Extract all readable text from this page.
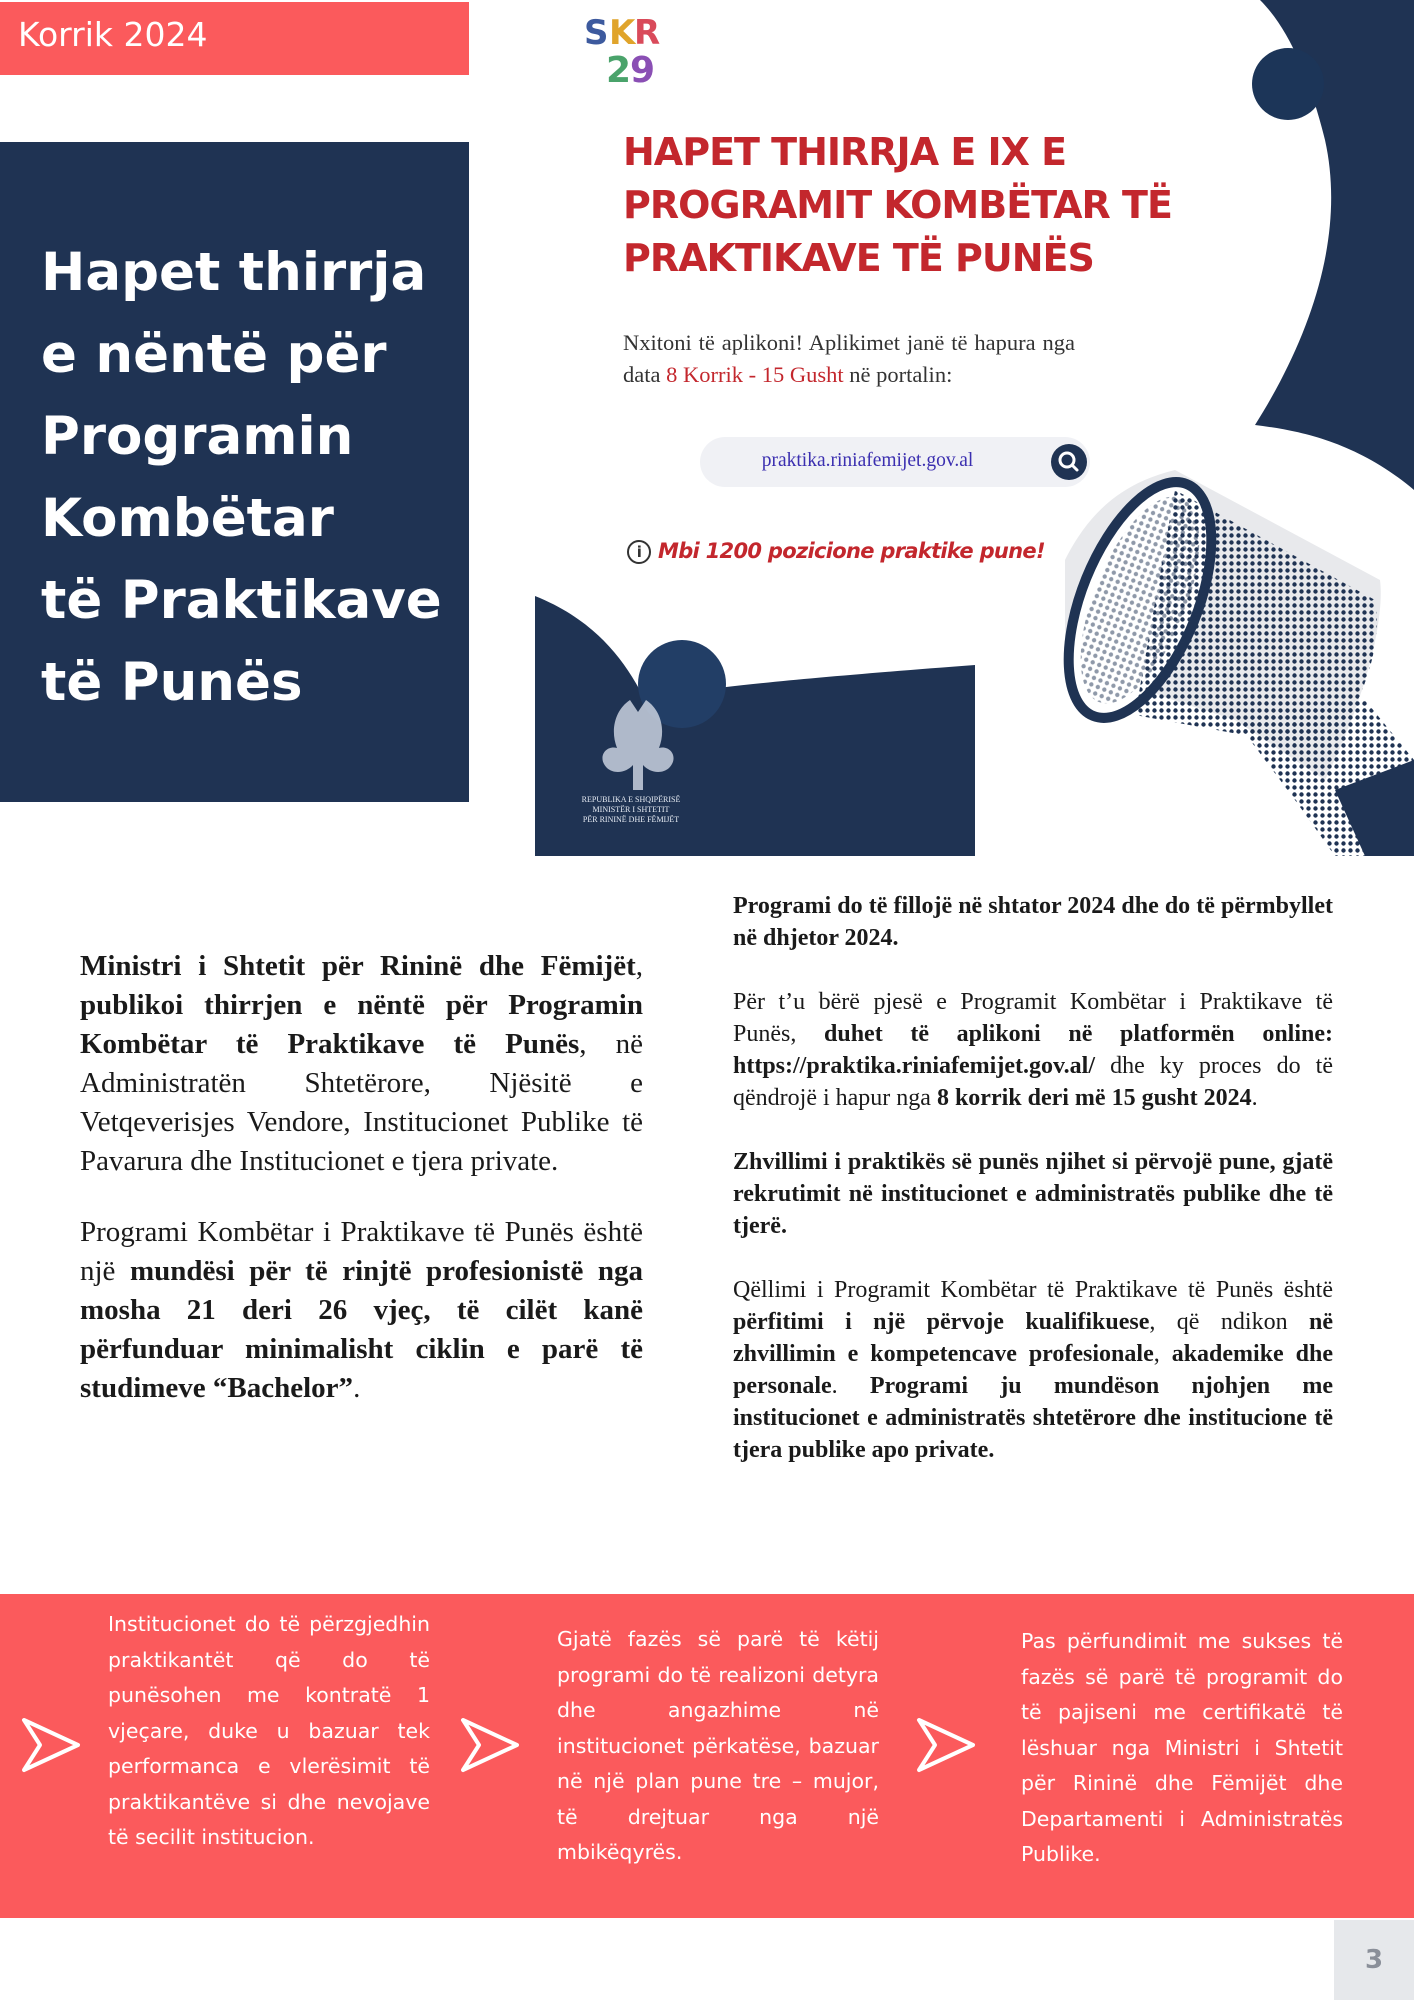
Korrik 2024	S K
R
2
9
Hapet thirrja
e nëntë për
Programin
Kombëtar
të Praktikave
të Punës
HAPET THIRRJA E IX E
PROGRAMIT KOMBËTAR TË
PRAKTIKAVE TË PUNËS
Nxitoni të aplikoni! Aplikimet janë të hapura nga data 8 Korrik - 15 Gusht në portalin:
praktika.riniafemijet.gov.al
i Mbi 1200 pozicione praktike pune!
REPUBLIKA E SHQIPËRISË
MINISTËR I SHTETIT
PËR RININË DHE FËMIJËT

Ministri i Shtetit për Rininë dhe Fëmijët, publikoi thirrjen e nëntë për Programin Kombëtar të Praktikave të Punës, në Administratën Shtetërore, Njësitë e Vetqeverisjes Vendore, Institucionet Publike të Pavarura dhe Institucionet e tjera private.

Programi Kombëtar i Praktikave të Punës është një mundësi për të rinjtë profesionistë nga mosha 21 deri 26 vjeç, të cilët kanë përfunduar minimalisht ciklin e parë të studimeve “Bachelor”.

Programi do të fillojë në shtator 2024 dhe do të përmbyllet në dhjetor 2024.

Për t’u bërë pjesë e Programit Kombëtar i Praktikave të Punës, duhet të aplikoni në platformën online: https://praktika.riniafemijet.gov.al/ dhe ky proces do të qëndrojë i hapur nga 8 korrik deri më 15 gusht 2024.

Zhvillimi i praktikës së punës njihet si përvojë pune, gjatë rekrutimit në institucionet e administratës publike dhe të tjerë.

Qëllimi i Programit Kombëtar të Praktikave të Punës është përfitimi i një përvoje kualifikuese, që ndikon në zhvillimin e kompetencave profesionale, akademike dhe personale. Programi ju mundëson njohjen me institucionet e administratës shtetërore dhe institucione të tjera publike apo private.

Institucionet do të përzgjedhin praktikantët që do të punësohen me kontratë 1 vjeçare, duke u bazuar tek performanca e vlerësimit të praktikantëve si dhe nevojave të secilit institucion.
Gjatë fazës së parë të këtij programi do të realizoni detyra dhe angazhime në institucionet përkatëse, bazuar në një plan pune tre – mujor, të drejtuar nga një mbikëqyrës.
Pas përfundimit me sukses të fazës së parë të programit do të pajiseni me certifikatë të lëshuar nga Ministri i Shtetit për Rininë dhe Fëmijët dhe Departamenti i Administratës Publike.
3
